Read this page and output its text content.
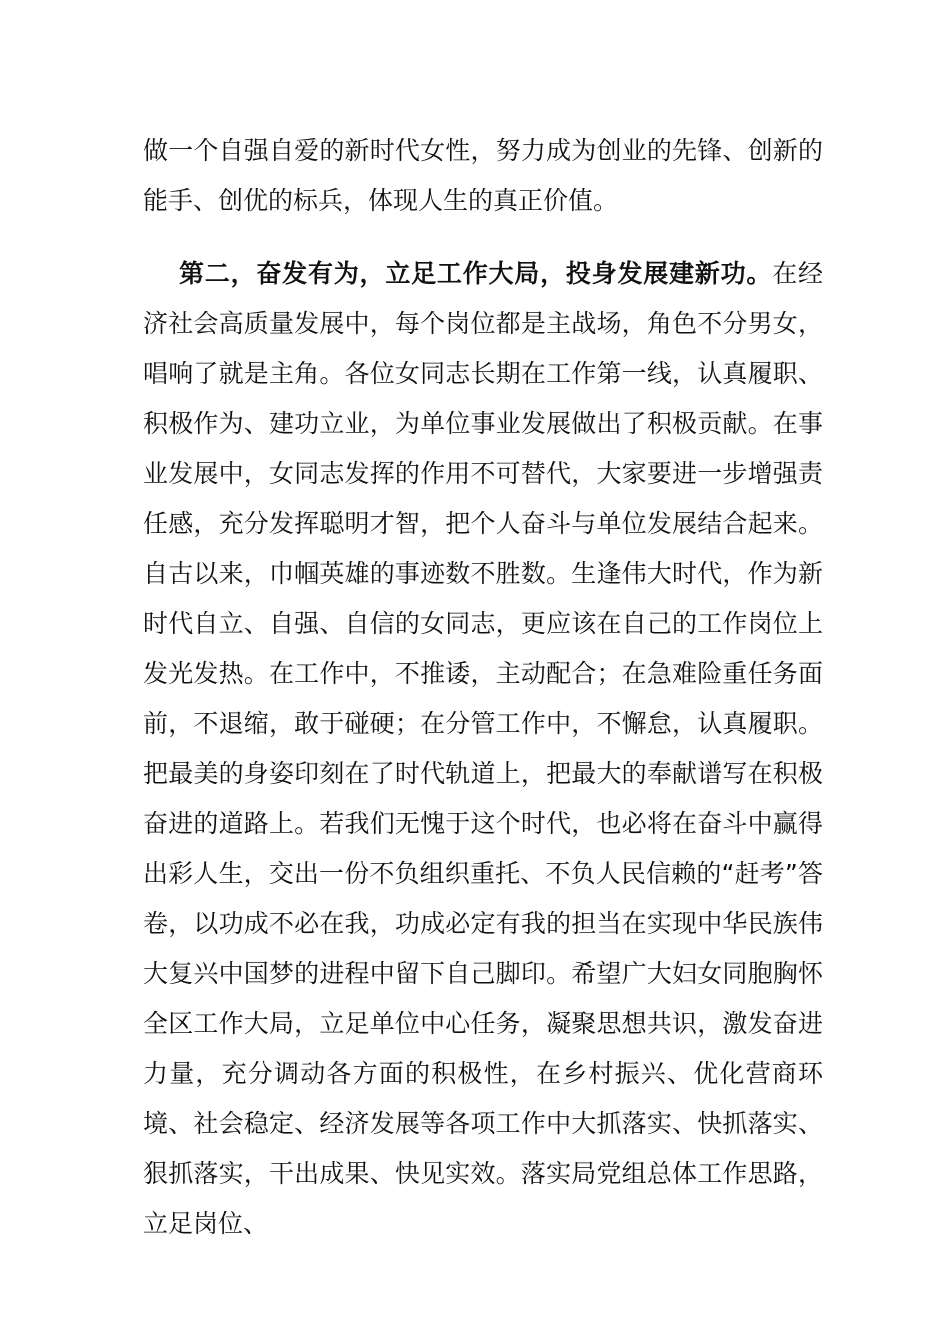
做一个自强自爱的新时代女性，努力成为创业的先锋、创新的能手、创优的标兵，体现人生的真正价值。

第二，奋发有为，立足工作大局，投身发展建新功。在经济社会高质量发展中，每个岗位都是主战场，角色不分男女，唱响了就是主角。各位女同志长期在工作第一线，认真履职、积极作为、建功立业，为单位事业发展做出了积极贡献。在事业发展中，女同志发挥的作用不可替代，大家要进一步增强责任感，充分发挥聪明才智，把个人奋斗与单位发展结合起来。自古以来，巾帼英雄的事迹数不胜数。生逢伟大时代，作为新时代自立、自强、自信的女同志，更应该在自己的工作岗位上发光发热。在工作中，不推诿，主动配合；在急难险重任务面前，不退缩，敢于碰硬；在分管工作中，不懈怠，认真履职。把最美的身姿印刻在了时代轨道上，把最大的奉献谱写在积极奋进的道路上。若我们无愧于这个时代，也必将在奋斗中赢得出彩人生，交出一份不负组织重托、不负人民信赖的“赶考”答卷，以功成不必在我，功成必定有我的担当在实现中华民族伟大复兴中国梦的进程中留下自己脚印。希望广大妇女同胞胸怀全区工作大局，立足单位中心任务，凝聚思想共识，激发奋进力量，充分调动各方面的积极性，在乡村振兴、优化营商环境、社会稳定、经济发展等各项工作中大抓落实、快抓落实、狠抓落实，干出成果、快见实效。落实局党组总体工作思路，立足岗位、
